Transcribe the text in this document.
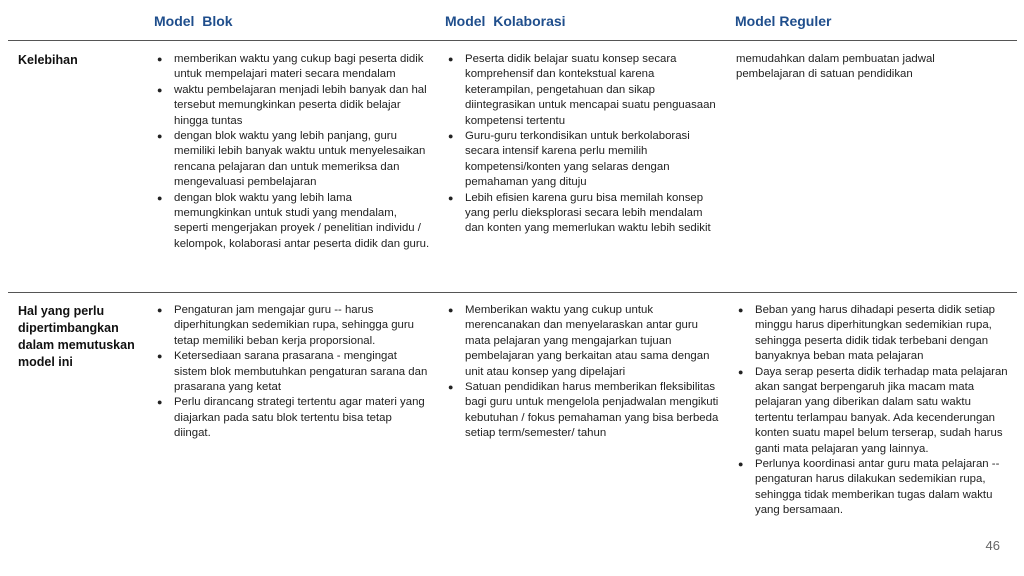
Model  Blok	Model  Kolaborasi	Model Reguler
Kelebihan
●	memberikan waktu yang cukup bagi peserta didik untuk mempelajari materi secara mendalam
● waktu pembelajaran menjadi lebih banyak dan hal tersebut memungkinkan peserta didik belajar hingga tuntas
● dengan blok waktu yang lebih panjang, guru memiliki lebih banyak waktu untuk menyelesaikan rencana pelajaran dan untuk memeriksa dan mengevaluasi pembelajaran
● dengan blok waktu yang lebih lama memungkinkan untuk studi yang mendalam, seperti mengerjakan proyek / penelitian individu / kelompok, kolaborasi antar peserta didik dan guru.
● Peserta didik belajar suatu konsep secara komprehensif dan kontekstual karena keterampilan, pengetahuan dan sikap diintegrasikan untuk mencapai suatu penguasaan kompetensi tertentu
● Guru-guru terkondisikan untuk berkolaborasi secara intensif karena perlu memilih kompetensi/konten yang selaras dengan pemahaman yang dituju
● Lebih efisien karena guru bisa memilah konsep yang perlu dieksplorasi secara lebih mendalam dan konten yang memerlukan waktu lebih sedikit
memudahkan dalam pembuatan jadwal pembelajaran di satuan pendidikan
Hal yang perlu dipertimbangkan dalam memutuskan model ini
● Pengaturan jam mengajar guru -- harus diperhitungkan sedemikian rupa, sehingga guru tetap memiliki beban kerja proporsional.
● Ketersediaan sarana prasarana - mengingat sistem blok membutuhkan pengaturan sarana dan prasarana yang ketat
● Perlu dirancang strategi tertentu agar materi yang diajarkan pada satu blok tertentu bisa tetap diingat.
● Memberikan waktu yang cukup untuk merencanakan dan menyelaraskan antar guru mata pelajaran yang mengajarkan tujuan pembelajaran yang berkaitan atau sama dengan unit atau konsep yang dipelajari
● Satuan pendidikan harus memberikan fleksibilitas bagi guru untuk mengelola penjadwalan mengikuti kebutuhan / fokus pemahaman yang bisa berbeda setiap term/semester/ tahun
● Beban yang harus dihadapi peserta didik setiap minggu harus diperhitungkan sedemikian rupa, sehingga peserta didik tidak terbebani dengan banyaknya beban mata pelajaran
● Daya serap peserta didik terhadap mata pelajaran akan sangat berpengaruh jika macam mata pelajaran yang diberikan dalam satu waktu tertentu terlampau banyak. Ada kecenderungan konten suatu mapel belum terserap, sudah harus ganti mata pelajaran yang lainnya.
● Perlunya koordinasi antar guru mata pelajaran -- pengaturan harus dilakukan sedemikian rupa, sehingga tidak memberikan tugas dalam waktu yang bersamaan.
46
